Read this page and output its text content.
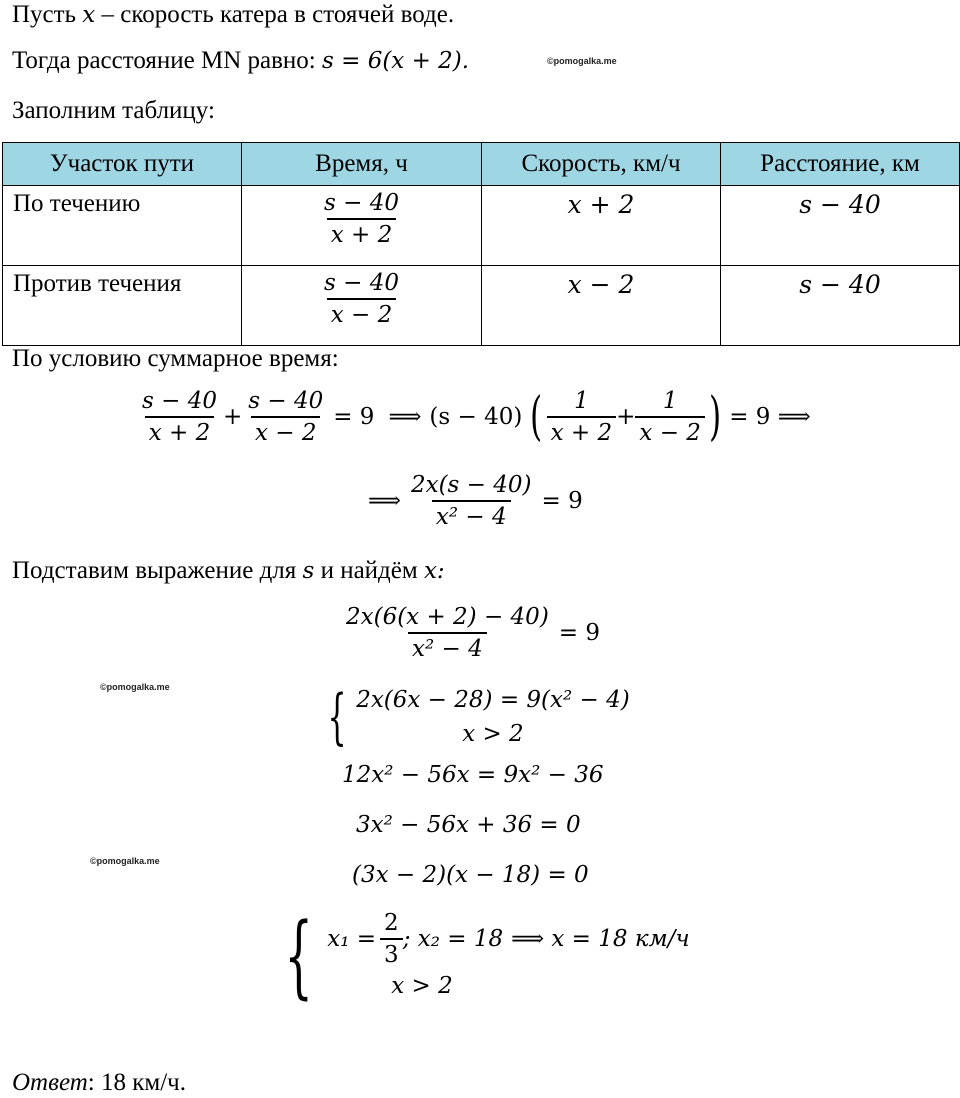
Пусть x – скорость катера в стоячей воде.
Тогда расстояние MN равно: s = 6(x + 2).	©pomogalka.me
Заполним таблицу:
Участок пути	Время, ч	Скорость, км/ч	Расстояние, км
По течению	$\frac{s - 40}{x + 2}$	x + 2	s − 40
Против течения	$\frac{s - 40}{x - 2}$	x − 2	s − 40
По условию суммарное время:
$\frac{s - 40}{x + 2} + \frac{s - 40}{x - 2} = 9$ ⟹ (s − 40) ( $\frac{1}{x + 2} + \frac{1}{x - 2}$ ) = 9 ⟹
⟹ $\frac{2x(s - 40)}{\text{x² − 4}} = 9$
Подставим выражение для s и найдём x:
$\frac{2x(6(x + 2) - 40)}{\text{x² − 4}} = 9$
©pomogalka.me	{ 2x(6x − 28) = 9(x² − 4)
x > 2
12x² − 56x = 9x² − 36
3x² − 56x + 36 = 0
©pomogalka.me
(3x − 2)(x − 18) = 0
{ $x_1 = \frac{2}{3}$ ; x₂ = 18
x > 2
⟹ x = 18 км/ч
Ответ: 18 км/ч.
